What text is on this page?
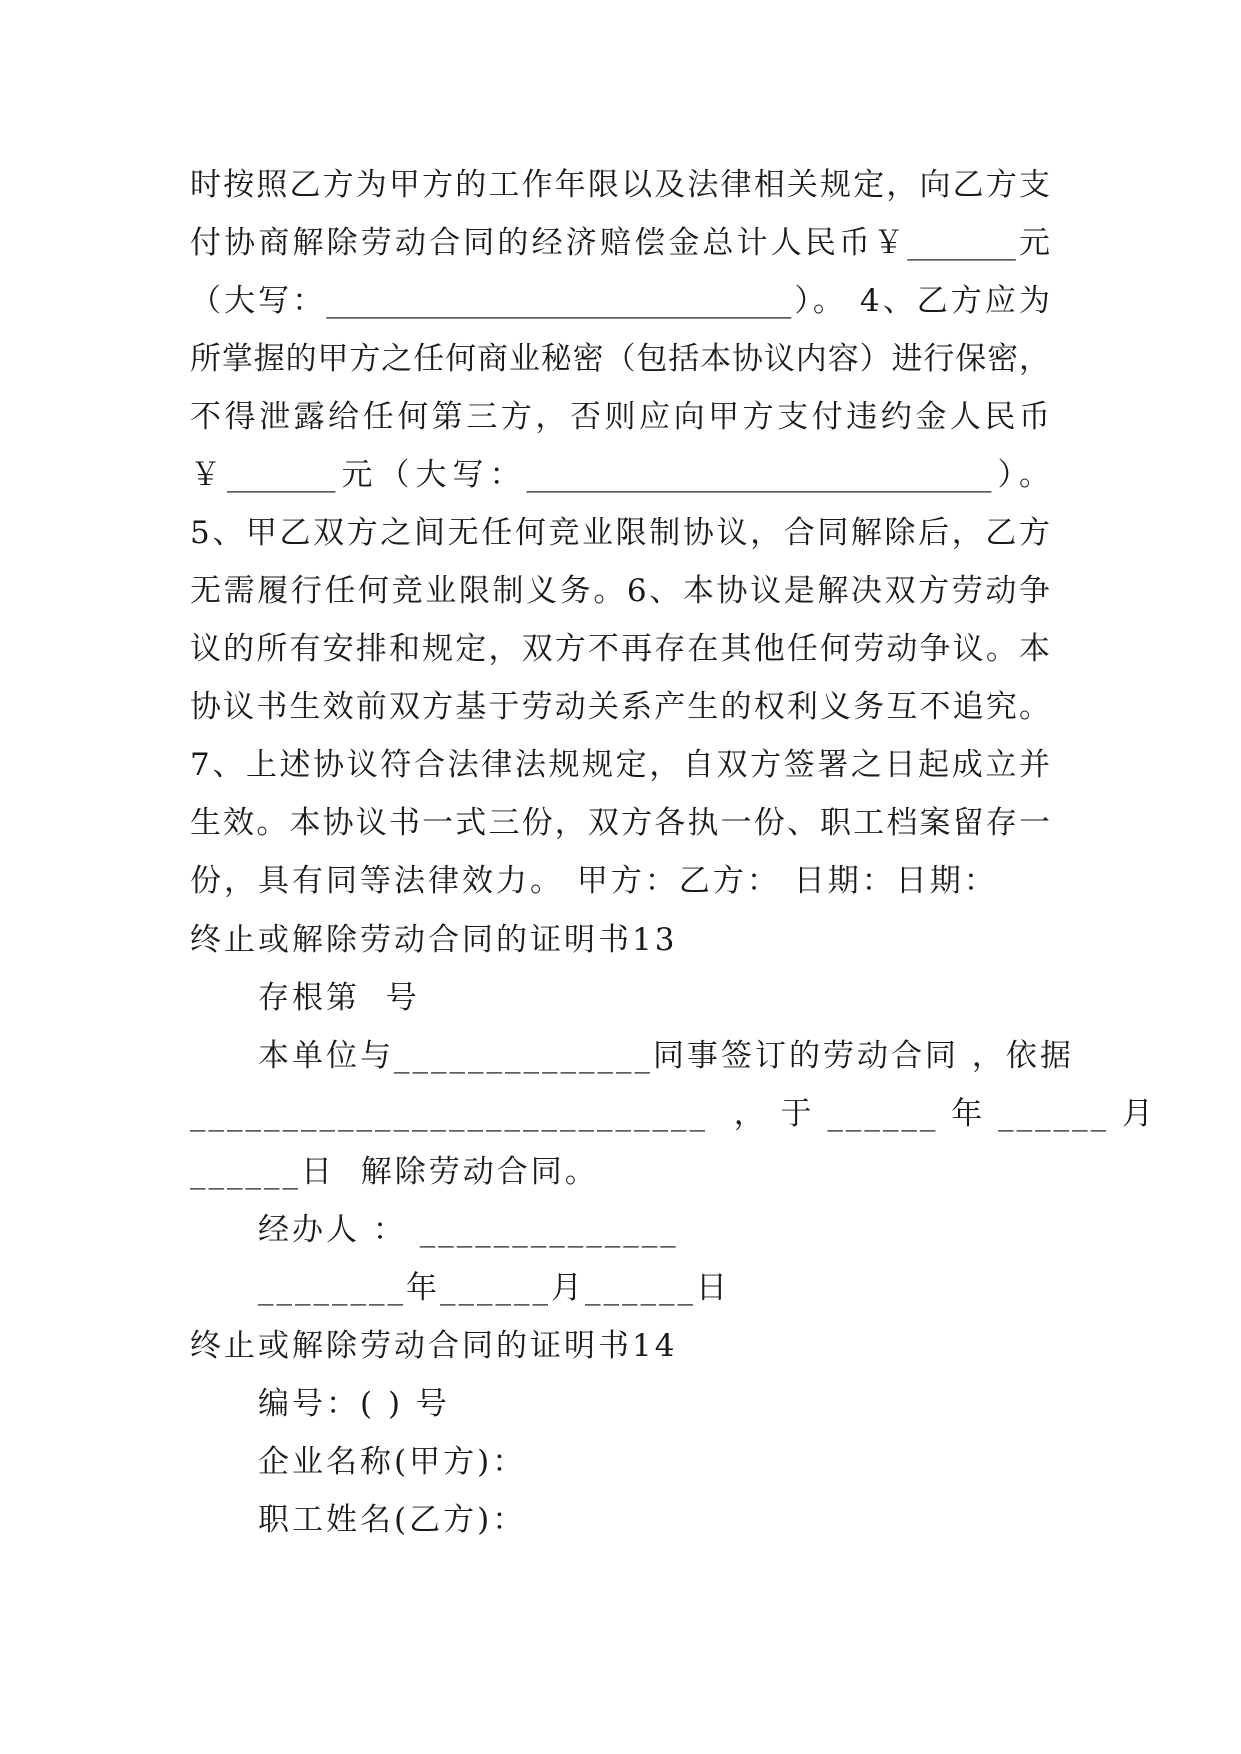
时按照乙方为甲方的工作年限以及法律相关规定，向乙方支
付协商解除劳动合同的经济赔偿金总计人民币￥_______元
（大写：______________________________）。 4、乙方应为
所掌握的甲方之任何商业秘密（包括本协议内容）进行保密，
不得泄露给任何第三方，否则应向甲方支付违约金人民币
￥_______元（大写：______________________________）。
5、甲乙双方之间无任何竞业限制协议，合同解除后，乙方
无需履行任何竞业限制义务。6、本协议是解决双方劳动争
议的所有安排和规定，双方不再存在其他任何劳动争议。本
协议书生效前双方基于劳动关系产生的权利义务互不追究。
7、上述协议符合法律法规规定，自双方签署之日起成立并
生效。本协议书一式三份，双方各执一份、职工档案留存一
份，具有同等法律效力。 甲方：乙方： 日期：日期：
终止或解除劳动合同的证明书13
存根第  号
本单位与______________同事签订的劳动合同 ，依据
____________________________  ， 于 ______ 年 ______ 月
______日  解除劳动合同。
经办人 ： ______________
________年______月______日
终止或解除劳动合同的证明书14
编号：( ) 号
企业名称(甲方)：
职工姓名(乙方)：
